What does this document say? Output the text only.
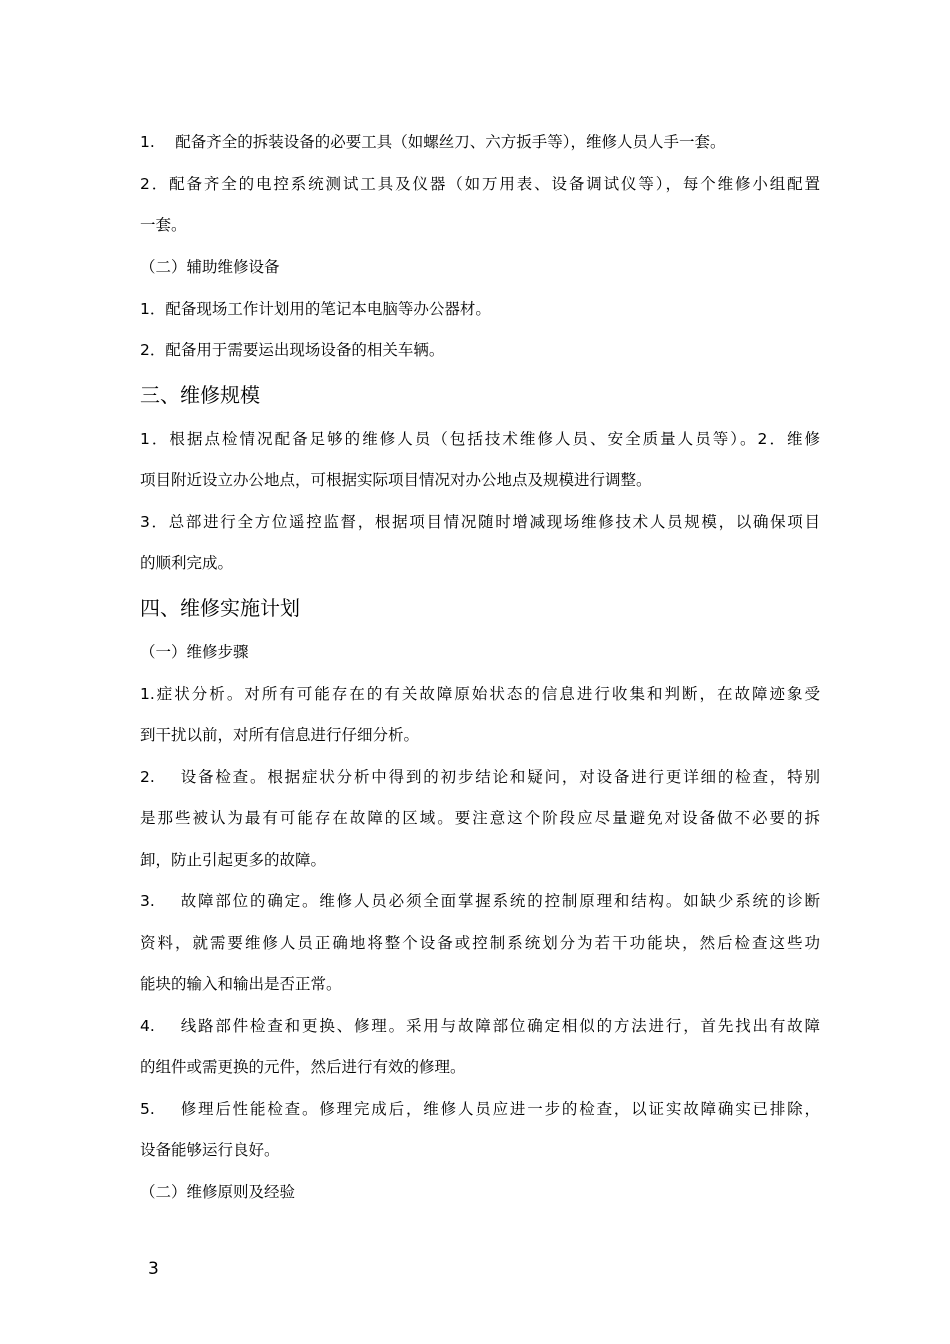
1.　 配备齐全的拆装设备的必要工具（如螺丝刀、六方扳手等），维修人员人手一套。
2．配备齐全的电控系统测试工具及仪器（如万用表、设备调试仪等），每个维修小组配置
一套。
（二）辅助维修设备
1．配备现场工作计划用的笔记本电脑等办公器材。
2．配备用于需要运出现场设备的相关车辆。
三、维修规模
1．根据点检情况配备足够的维修人员（包括技术维修人员、安全质量人员等）。2．维修
项目附近设立办公地点，可根据实际项目情况对办公地点及规模进行调整。
3．总部进行全方位遥控监督，根据项目情况随时增减现场维修技术人员规模，以确保项目
的顺利完成。
四、维修实施计划
（一）维修步骤
1.症状分析。对所有可能存在的有关故障原始状态的信息进行收集和判断，在故障迹象受
到干扰以前，对所有信息进行仔细分析。
2.　 设备检查。根据症状分析中得到的初步结论和疑问，对设备进行更详细的检查，特别
是那些被认为最有可能存在故障的区域。要注意这个阶段应尽量避免对设备做不必要的拆
卸，防止引起更多的故障。
3.　 故障部位的确定。维修人员必须全面掌握系统的控制原理和结构。如缺少系统的诊断
资料，就需要维修人员正确地将整个设备或控制系统划分为若干功能块，然后检查这些功
能块的输入和输出是否正常。
4.　 线路部件检查和更换、修理。采用与故障部位确定相似的方法进行，首先找出有故障
的组件或需更换的元件，然后进行有效的修理。
5.　 修理后性能检查。修理完成后，维修人员应进一步的检查，以证实故障确实已排除，
设备能够运行良好。
（二）维修原则及经验
3
